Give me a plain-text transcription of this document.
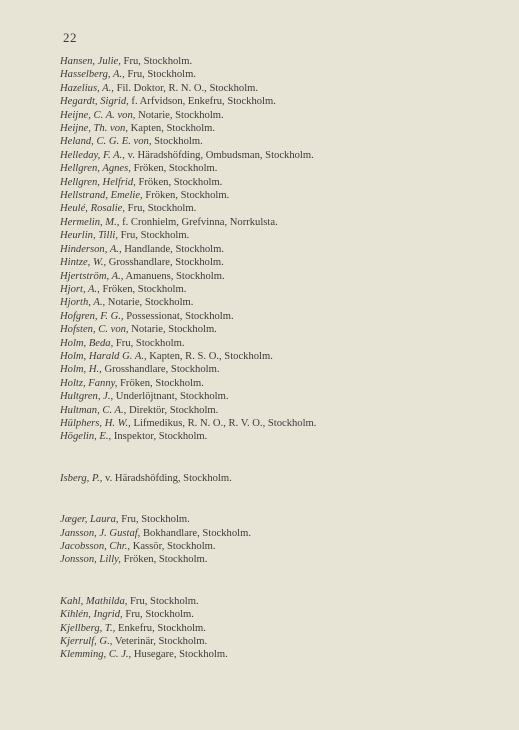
22
Hansen, Julie, Fru, Stockholm.
Hasselberg, A., Fru, Stockholm.
Hazelius, A., Fil. Doktor, R. N. O., Stockholm.
Hegardt, Sigrid, f. Arfvidson, Enkefru, Stockholm.
Heijne, C. A. von, Notarie, Stockholm.
Heijne, Th. von, Kapten, Stockholm.
Heland, C. G. E. von, Stockholm.
Helleday, F. A., v. Häradshöfding, Ombudsman, Stockholm.
Hellgren, Agnes, Fröken, Stockholm.
Hellgren, Helfrid, Fröken, Stockholm.
Hellstrand, Emelie, Fröken, Stockholm.
Heulé, Rosalie, Fru, Stockholm.
Hermelin, M., f. Cronhielm, Grefvinna, Norrkulsta.
Heurlin, Tilli, Fru, Stockholm.
Hinderson, A., Handlande, Stockholm.
Hintze, W., Grosshandlare, Stockholm.
Hjertström, A., Amanuens, Stockholm.
Hjort, A., Fröken, Stockholm.
Hjorth, A., Notarie, Stockholm.
Hofgren, F. G., Possessionat, Stockholm.
Hofsten, C. von, Notarie, Stockholm.
Holm, Beda, Fru, Stockholm.
Holm, Harald G. A., Kapten, R. S. O., Stockholm.
Holm, H., Grosshandlare, Stockholm.
Holtz, Fanny, Fröken, Stockholm.
Hultgren, J., Underlöjtnant, Stockholm.
Hultman, C. A., Direktör, Stockholm.
Hülphers, H. W., Lifmedikus, R. N. O., R. V. O., Stockholm.
Högelin, E., Inspektor, Stockholm.
Isberg, P., v. Häradshöfding, Stockholm.
Jæger, Laura, Fru, Stockholm.
Jansson, J. Gustaf, Bokhandlare, Stockholm.
Jacobsson, Chr., Kassör, Stockholm.
Jonsson, Lilly, Fröken, Stockholm.
Kahl, Mathilda, Fru, Stockholm.
Kihlén, Ingrid, Fru, Stockholm.
Kjellberg, T., Enkefru, Stockholm.
Kjerrulf, G., Veterinär, Stockholm.
Klemming, C. J., Husegare, Stockholm.
